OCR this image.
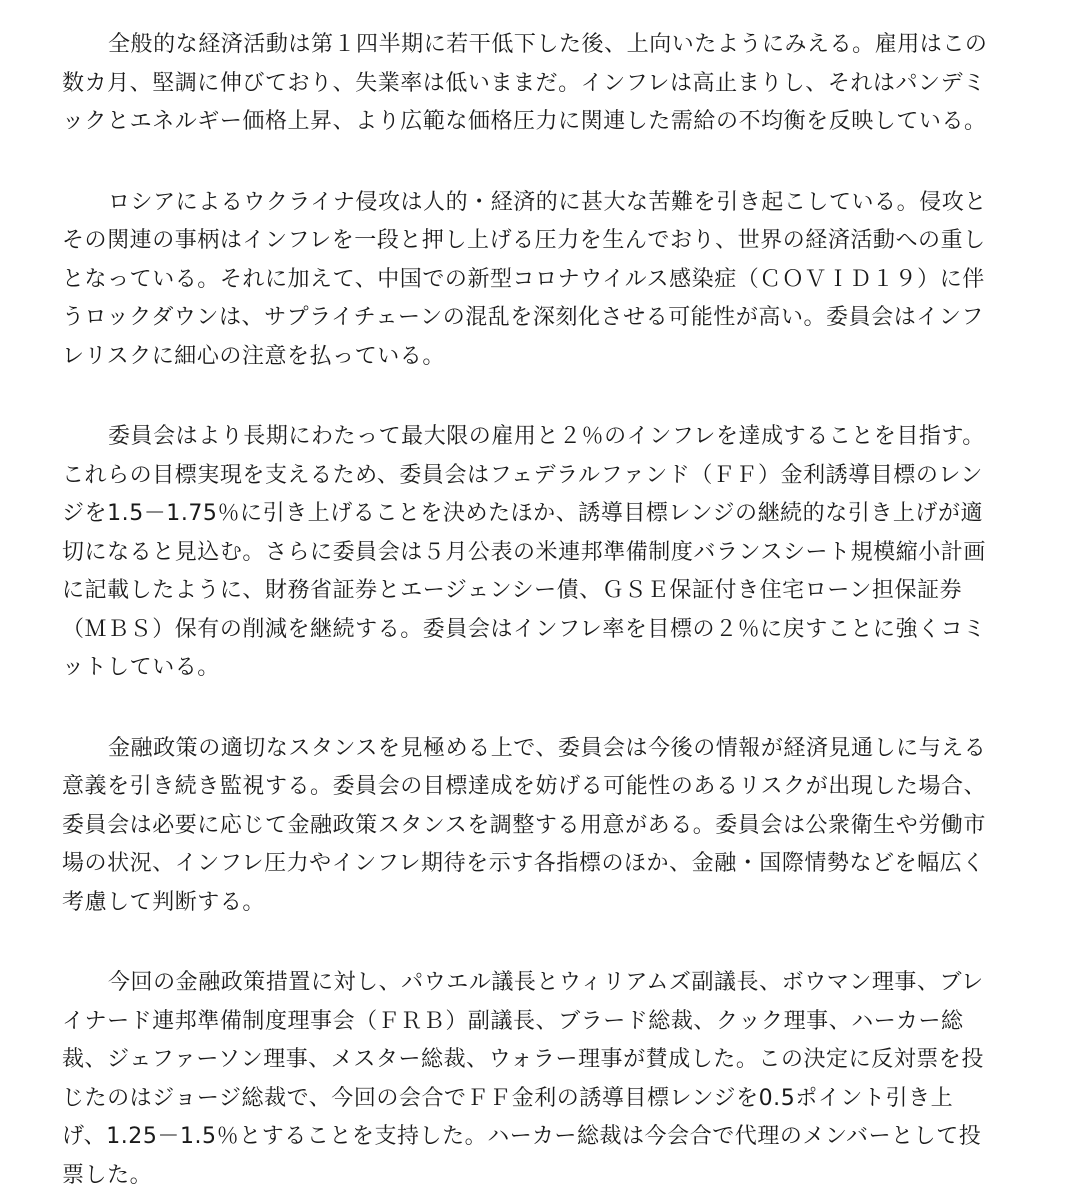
全般的な経済活動は第１四半期に若干低下した後、上向いたようにみえる。雇用はこの
数カ月、堅調に伸びており、失業率は低いままだ。インフレは高止まりし、それはパンデミ
ックとエネルギー価格上昇、より広範な価格圧力に関連した需給の不均衡を反映している。
ロシアによるウクライナ侵攻は人的・経済的に甚大な苦難を引き起こしている。侵攻と
その関連の事柄はインフレを一段と押し上げる圧力を生んでおり、世界の経済活動への重し
となっている。それに加えて、中国での新型コロナウイルス感染症（ＣＯＶＩＤ１９）に伴
うロックダウンは、サプライチェーンの混乱を深刻化させる可能性が高い。委員会はインフ
レリスクに細心の注意を払っている。
委員会はより長期にわたって最大限の雇用と２％のインフレを達成することを目指す。
これらの目標実現を支えるため、委員会はフェデラルファンド（ＦＦ）金利誘導目標のレン
ジを1.5－1.75％に引き上げることを決めたほか、誘導目標レンジの継続的な引き上げが適
切になると見込む。さらに委員会は５月公表の米連邦準備制度バランスシート規模縮小計画
に記載したように、財務省証券とエージェンシー債、ＧＳＥ保証付き住宅ローン担保証券
（ＭＢＳ）保有の削減を継続する。委員会はインフレ率を目標の２％に戻すことに強くコミ
ットしている。
金融政策の適切なスタンスを見極める上で、委員会は今後の情報が経済見通しに与える
意義を引き続き監視する。委員会の目標達成を妨げる可能性のあるリスクが出現した場合、
委員会は必要に応じて金融政策スタンスを調整する用意がある。委員会は公衆衛生や労働市
場の状況、インフレ圧力やインフレ期待を示す各指標のほか、金融・国際情勢などを幅広く
考慮して判断する。
今回の金融政策措置に対し、パウエル議長とウィリアムズ副議長、ボウマン理事、ブレ
イナード連邦準備制度理事会（ＦＲＢ）副議長、ブラード総裁、クック理事、ハーカー総
裁、ジェファーソン理事、メスター総裁、ウォラー理事が賛成した。この決定に反対票を投
じたのはジョージ総裁で、今回の会合でＦＦ金利の誘導目標レンジを0.5ポイント引き上
げ、1.25－1.5％とすることを支持した。ハーカー総裁は今会合で代理のメンバーとして投
票した。
